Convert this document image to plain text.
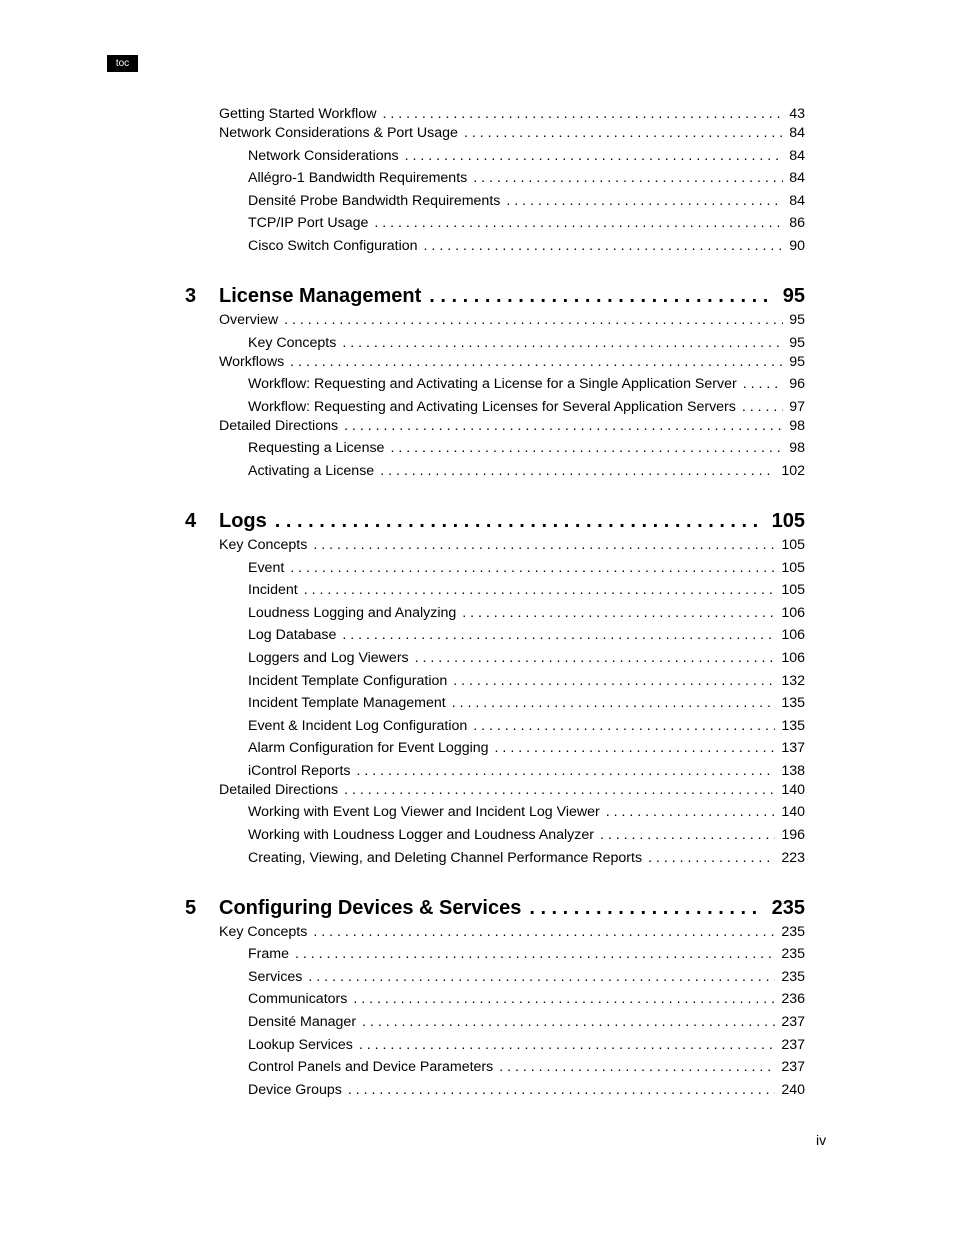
toc
Getting Started Workflow . . .	43
Network Considerations & Port Usage . . .	84
Network Considerations . . .	84
Allégro-1 Bandwidth Requirements . . .	84
Densité Probe Bandwidth Requirements . . .	84
TCP/IP Port Usage . . .	86
Cisco Switch Configuration . . .	90
3	License Management . . .	95
Overview . . .	95
Key Concepts . . .	95
Workflows . . .	95
Workflow: Requesting and Activating a License for a Single Application Server . . .	96
Workflow: Requesting and Activating Licenses for Several Application Servers . . .	97
Detailed Directions . . .	98
Requesting a License . . .	98
Activating a License . . .	102
4	Logs . . .	105
Key Concepts . . .	105
Event . . .	105
Incident . . .	105
Loudness Logging and Analyzing . . .	106
Log Database . . .	106
Loggers and Log Viewers . . .	106
Incident Template Configuration . . .	132
Incident Template Management . . .	135
Event & Incident Log Configuration . . .	135
Alarm Configuration for Event Logging . . .	137
iControl Reports . . .	138
Detailed Directions . . .	140
Working with Event Log Viewer and Incident Log Viewer . . .	140
Working with Loudness Logger and Loudness Analyzer . . .	196
Creating, Viewing, and Deleting Channel Performance Reports . . .	223
5	Configuring Devices & Services . . .	235
Key Concepts . . .	235
Frame . . .	235
Services . . .	235
Communicators . . .	236
Densité Manager . . .	237
Lookup Services . . .	237
Control Panels and Device Parameters . . .	237
Device Groups . . .	240
iv
